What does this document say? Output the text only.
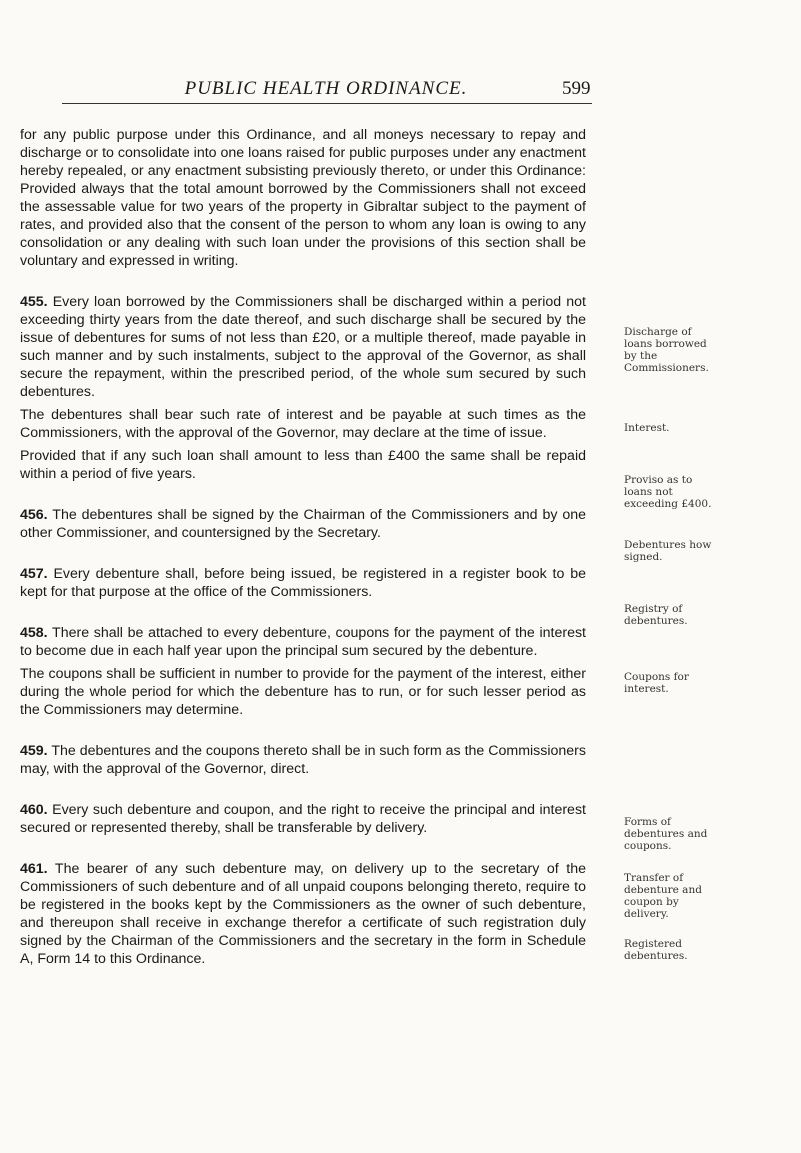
PUBLIC HEALTH ORDINANCE.	599

for any public purpose under this Ordinance, and all moneys necessary to repay and discharge or to consolidate into one loans raised for public purposes under any enactment hereby repealed, or any enactment subsisting previously thereto, or under this Ordinance: Provided always that the total amount borrowed by the Commissioners shall not exceed the assessable value for two years of the property in Gibraltar subject to the payment of rates, and provided also that the consent of the person to whom any loan is owing to any consolidation or any dealing with such loan under the provisions of this section shall be voluntary and expressed in writing.

455. Every loan borrowed by the Commissioners shall be discharged within a period not exceeding thirty years from the date thereof, and such discharge shall be secured by the issue of debentures for sums of not less than £20, or a multiple thereof, made payable in such manner and by such instalments, subject to the approval of the Governor, as shall secure the repayment, within the prescribed period, of the whole sum secured by such debentures.

The debentures shall bear such rate of interest and be payable at such times as the Commissioners, with the approval of the Governor, may declare at the time of issue.

Provided that if any such loan shall amount to less than £400 the same shall be repaid within a period of five years.

456. The debentures shall be signed by the Chairman of the Commissioners and by one other Commissioner, and countersigned by the Secretary.

457. Every debenture shall, before being issued, be registered in a register book to be kept for that purpose at the office of the Commissioners.

458. There shall be attached to every debenture, coupons for the payment of the interest to become due in each half year upon the principal sum secured by the debenture.

The coupons shall be sufficient in number to provide for the payment of the interest, either during the whole period for which the debenture has to run, or for such lesser period as the Commissioners may determine.

459. The debentures and the coupons thereto shall be in such form as the Commissioners may, with the approval of the Governor, direct.

460. Every such debenture and coupon, and the right to receive the principal and interest secured or represented thereby, shall be transferable by delivery.

461. The bearer of any such debenture may, on delivery up to the secretary of the Commissioners of such debenture and of all unpaid coupons belonging thereto, require to be registered in the books kept by the Commissioners as the owner of such debenture, and thereupon shall receive in exchange therefor a certificate of such registration duly signed by the Chairman of the Commissioners and the secretary in the form in Schedule A, Form 14 to this Ordinance.

Discharge of loans borrowed by the Commissioners.
Interest.
Proviso as to loans not exceeding £400.
Debentures how signed.
Registry of debentures.
Coupons for interest.
Forms of debentures and coupons.
Transfer of debenture and coupon by delivery.
Registered debentures.
